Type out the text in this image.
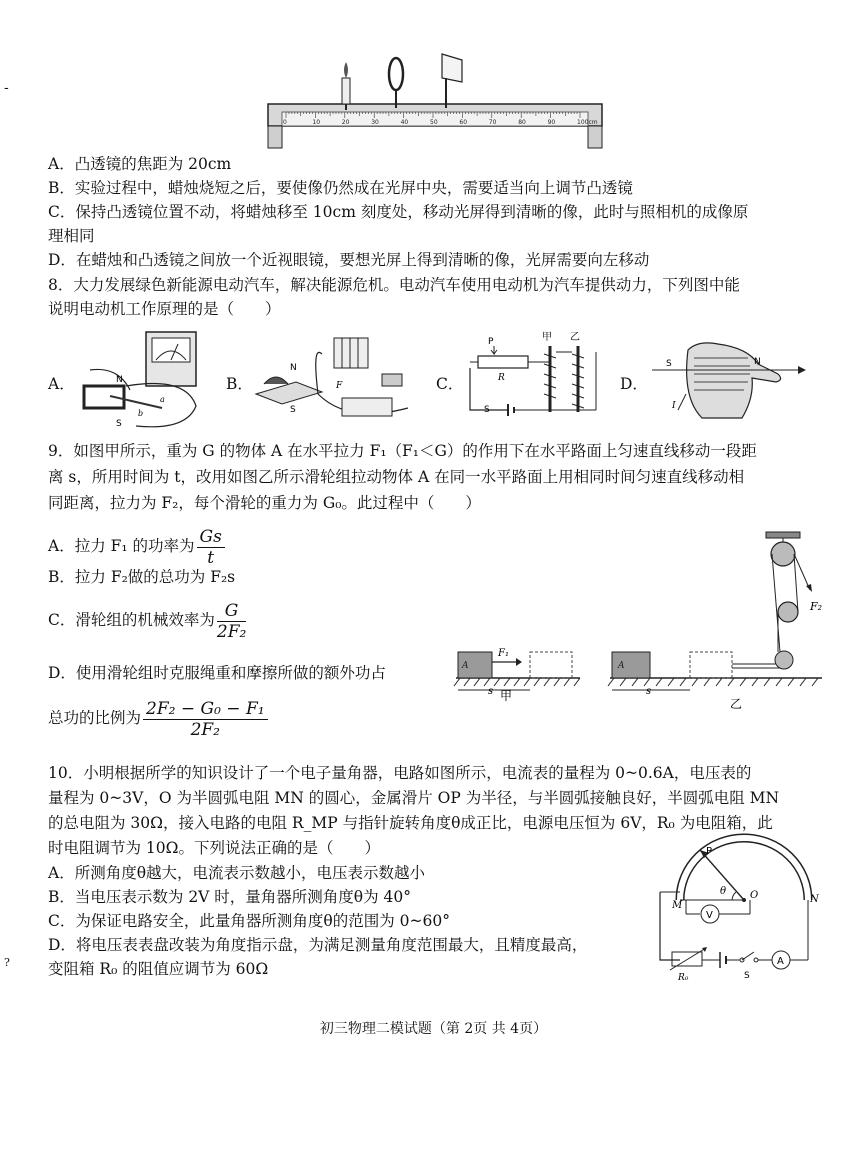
-
?
0	10	20	30	40	50	60	70	80	90	100cm
A．凸透镜的焦距为 20cm
B．实验过程中，蜡烛烧短之后，要使像仍然成在光屏中央，需要适当向上调节凸透镜
C．保持凸透镜位置不动，将蜡烛移至 10cm 刻度处，移动光屏得到清晰的像，此时与照相机的成像原
理相同
D．在蜡烛和凸透镜之间放一个近视眼镜，要想光屏上得到清晰的像，光屏需要向左移动
8．大力发展绿色新能源电动汽车，解决能源危机。电动汽车使用电动机为汽车提供动力，下列图中能
说明电动机工作原理的是（　　）
A．	N
S
a
b
B．
N
S
F	C．
P
R
S
甲 乙
D．
S	N
I
9．如图甲所示，重为 G 的物体 A 在水平拉力 F₁（F₁＜G）的作用下在水平路面上匀速直线移动一段距
离 s，所用时间为 t，改用如图乙所示滑轮组拉动物体 A 在同一水平路面上用相同时间匀速直线移动相
同距离，拉力为 F₂，每个滑轮的重力为 G₀。此过程中（　　）
A．拉力 F₁ 的功率为 $\frac{Gs}{t}$
B．拉力 F₂做的总功为 F₂s
C．滑轮组的机械效率为 $\frac{G}{\text{2F₂}}$
D．使用滑轮组时克服绳重和摩擦所做的额外功占
总功的比例为 $\frac{\text{2F₂ − G₀ − F₁}}{\text{2F₂}}$
A
F₁
s 甲
A
s
乙
F₂
10．小明根据所学的知识设计了一个电子量角器，电路如图所示，电流表的量程为 0~0.6A，电压表的
量程为 0~3V，O 为半圆弧电阻 MN 的圆心，金属滑片 OP 为半径，与半圆弧接触良好，半圆弧电阻 MN
的总电阻为 30Ω，接入电路的电阻 R_MP 与指针旋转角度θ成正比，电源电压恒为 6V，R₀ 为电阻箱，此
时电阻调节为 10Ω。下列说法正确的是（　　）
A．所测角度θ越大，电流表示数越小，电压表示数越小
B．当电压表示数为 2V 时，量角器所测角度θ为 40°
C．为保证电路安全，此量角器所测角度θ的范围为 0~60°
D．将电压表表盘改装为角度指示盘，为满足测量角度范围最大，且精度最高，
变阻箱 R₀ 的阻值应调节为 60Ω
P
θ O
M
N
V
A
R₀	S
初三物理二模试题（第 2页 共 4页）
